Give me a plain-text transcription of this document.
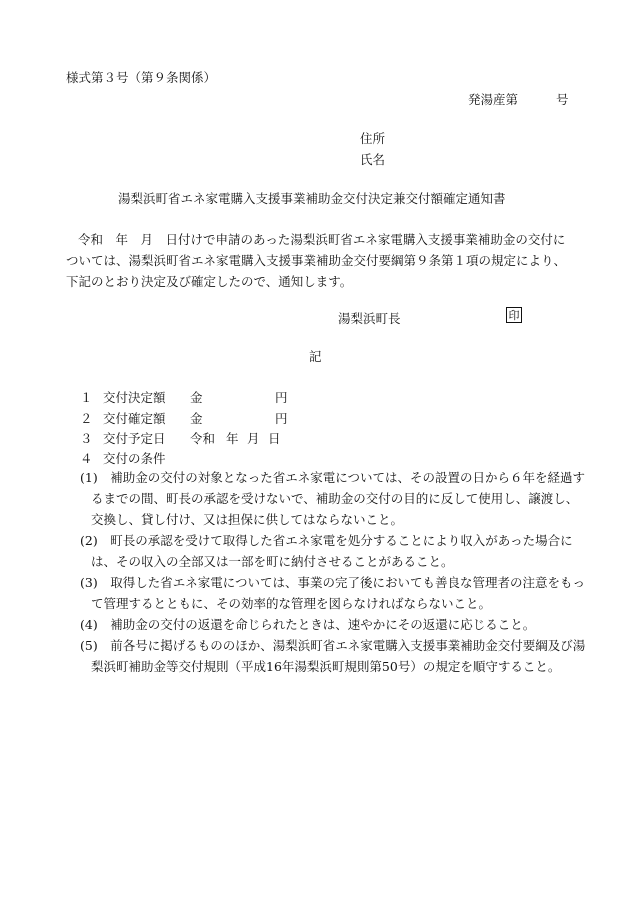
様式第３号（第９条関係）
発湯産第	号
住所
氏名
湯梨浜町省エネ家電購入支援事業補助金交付決定兼交付額確定通知書
令和　年　月　日付けで申請のあった湯梨浜町省エネ家電購入支援事業補助金の交付に
ついては、湯梨浜町省エネ家電購入支援事業補助金交付要綱第９条第１項の規定により、
下記のとおり決定及び確定したので、通知します。
湯梨浜町長	印
記
１ 交付決定額 金	円
２ 交付確定額 金	円
３ 交付予定日 令和 年 月 日
４ 交付の条件
(1)　補助金の交付の対象となった省エネ家電については、その設置の日から６年を経過す
るまでの間、町長の承認を受けないで、補助金の交付の目的に反して使用し、譲渡し、
交換し、貸し付け、又は担保に供してはならないこと。
(2)　町長の承認を受けて取得した省エネ家電を処分することにより収入があった場合に
は、その収入の全部又は一部を町に納付させることがあること。
(3)　取得した省エネ家電については、事業の完了後においても善良な管理者の注意をもっ
て管理するとともに、その効率的な管理を図らなければならないこと。
(4)　補助金の交付の返還を命じられたときは、速やかにその返還に応じること。
(5)　前各号に掲げるもののほか、湯梨浜町省エネ家電購入支援事業補助金交付要綱及び湯
梨浜町補助金等交付規則（平成16年湯梨浜町規則第50号）の規定を順守すること。
